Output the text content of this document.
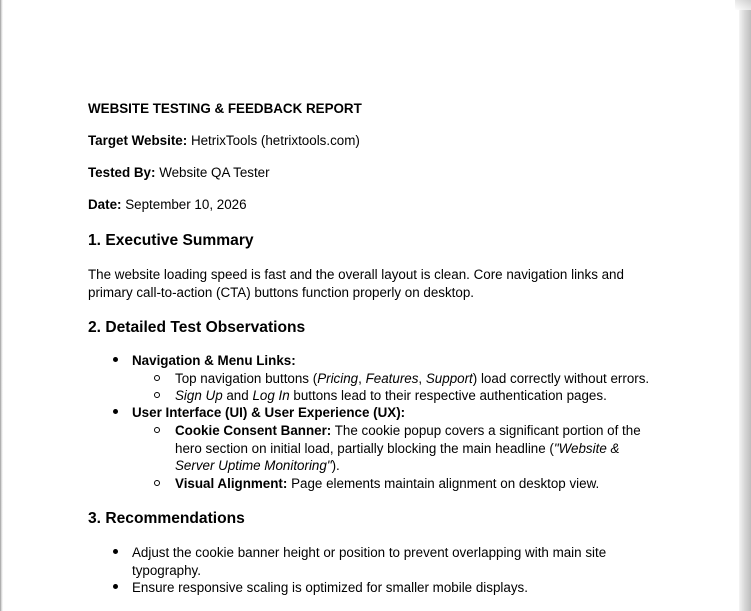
WEBSITE TESTING & FEEDBACK REPORT
Target Website: HetrixTools (hetrixtools.com)
Tested By: Website QA Tester
Date: September 10, 2026
1. Executive Summary
The website loading speed is fast and the overall layout is clean. Core navigation links and
primary call-to-action (CTA) buttons function properly on desktop.
2. Detailed Test Observations
Navigation & Menu Links:
Top navigation buttons (Pricing, Features, Support) load correctly without errors.
Sign Up and Log In buttons lead to their respective authentication pages.
User Interface (UI) & User Experience (UX):
Cookie Consent Banner: The cookie popup covers a significant portion of the
hero section on initial load, partially blocking the main headline ("Website &
Server Uptime Monitoring").
Visual Alignment: Page elements maintain alignment on desktop view.
3. Recommendations
Adjust the cookie banner height or position to prevent overlapping with main site
typography.
Ensure responsive scaling is optimized for smaller mobile displays.
